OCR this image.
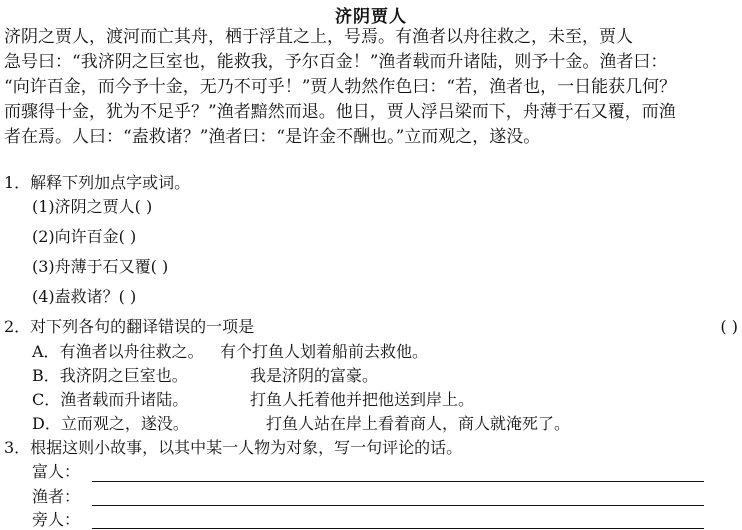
济阴贾人
济阴之贾人，渡河而亡其舟，栖于浮苴之上，号焉。有渔者以舟往救之，未至，贾人
急号曰：“我济阴之巨室也，能救我，予尔百金！”渔者载而升诸陆，则予十金。渔者曰：
“向许百金，而今予十金，无乃不可乎！”贾人勃然作色曰：“若，渔者也，一日能获几何？
而骤得十金，犹为不足乎？”渔者黯然而退。他日，贾人浮吕梁而下，舟薄于石又覆，而渔
者在焉。人曰：“盍救诸？”渔者曰：“是许金不酬也。”立而观之，遂没。
1．解释下列加点字或词。
(1)济阴之贾人( )
(2)向许百金( )
(3)舟薄于石又覆( )
(4)盍救诸？( )
2．对下列各句的翻译错误的一项是	( )
A．有渔者以舟往救之。 有个打鱼人划着船前去救他。
B．我济阴之巨室也。	我是济阴的富豪。
C．渔者载而升诸陆。	打鱼人托着他并把他送到岸上。
D．立而观之，遂没。	打鱼人站在岸上看着商人，商人就淹死了。
3．根据这则小故事，以其中某一人物为对象，写一句评论的话。
富人：
渔者：
旁人：
